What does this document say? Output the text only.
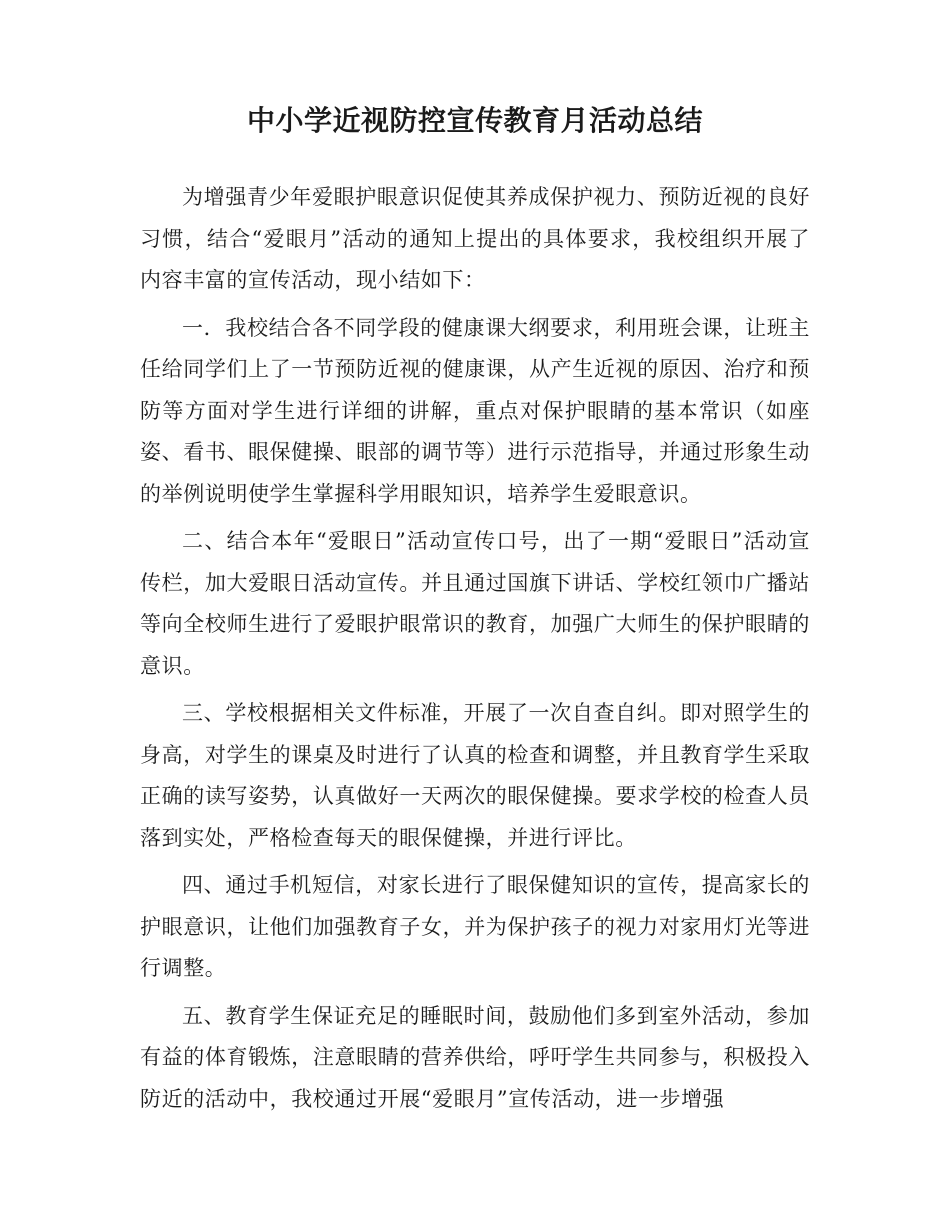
中小学近视防控宣传教育月活动总结

为增强青少年爱眼护眼意识促使其养成保护视力、预防近视的良好习惯，结合“爱眼月”活动的通知上提出的具体要求，我校组织开展了内容丰富的宣传活动，现小结如下：

一．我校结合各不同学段的健康课大纲要求，利用班会课，让班主任给同学们上了一节预防近视的健康课，从产生近视的原因、治疗和预防等方面对学生进行详细的讲解，重点对保护眼睛的基本常识（如座姿、看书、眼保健操、眼部的调节等）进行示范指导，并通过形象生动的举例说明使学生掌握科学用眼知识，培养学生爱眼意识。

二、结合本年“爱眼日”活动宣传口号，出了一期“爱眼日”活动宣传栏，加大爱眼日活动宣传。并且通过国旗下讲话、学校红领巾广播站等向全校师生进行了爱眼护眼常识的教育，加强广大师生的保护眼睛的意识。

三、学校根据相关文件标准，开展了一次自查自纠。即对照学生的身高，对学生的课桌及时进行了认真的检查和调整，并且教育学生采取正确的读写姿势，认真做好一天两次的眼保健操。要求学校的检查人员落到实处，严格检查每天的眼保健操，并进行评比。

四、通过手机短信，对家长进行了眼保健知识的宣传，提高家长的护眼意识，让他们加强教育子女，并为保护孩子的视力对家用灯光等进行调整。

五、教育学生保证充足的睡眠时间，鼓励他们多到室外活动，参加有益的体育锻炼，注意眼睛的营养供给，呼吁学生共同参与，积极投入防近的活动中，我校通过开展“爱眼月”宣传活动，进一步增强
